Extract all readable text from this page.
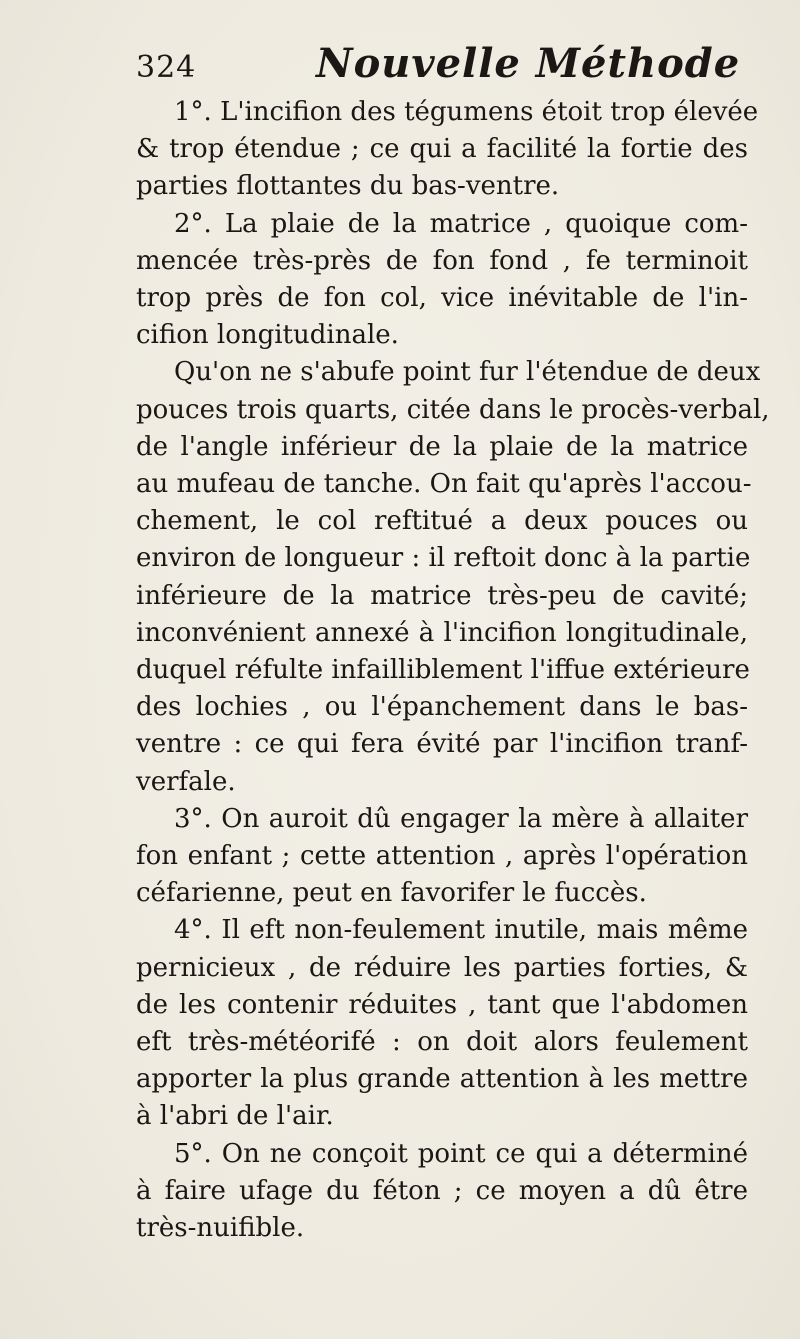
324	Nouvelle Méthode
1°. L'incifion des tégumens étoit trop élevée
& trop étendue ; ce qui a facilité la fortie des
parties flottantes du bas-ventre.
2°. La plaie de la matrice , quoique com-
mencée très-près de fon fond , fe terminoit
trop près de fon col, vice inévitable de l'in-
cifion longitudinale.
Qu'on ne s'abufe point fur l'étendue de deux
pouces trois quarts, citée dans le procès-verbal,
de l'angle inférieur de la plaie de la matrice
au mufeau de tanche. On fait qu'après l'accou-
chement, le col reftitué a deux pouces ou
environ de longueur : il reftoit donc à la partie
inférieure de la matrice très-peu de cavité;
inconvénient annexé à l'incifion longitudinale,
duquel réfulte infailliblement l'iffue extérieure
des lochies , ou l'épanchement dans le bas-
ventre : ce qui fera évité par l'incifion tranf-
verfale.
3°. On auroit dû engager la mère à allaiter
fon enfant ; cette attention , après l'opération
céfarienne, peut en favorifer le fuccès.
4°. Il eft non-feulement inutile, mais même
pernicieux , de réduire les parties forties, &
de les contenir réduites , tant que l'abdomen
eft très-météorifé : on doit alors feulement
apporter la plus grande attention à les mettre
à l'abri de l'air.
5°. On ne conçoit point ce qui a déterminé
à faire ufage du féton ; ce moyen a dû être
très-nuifible.
